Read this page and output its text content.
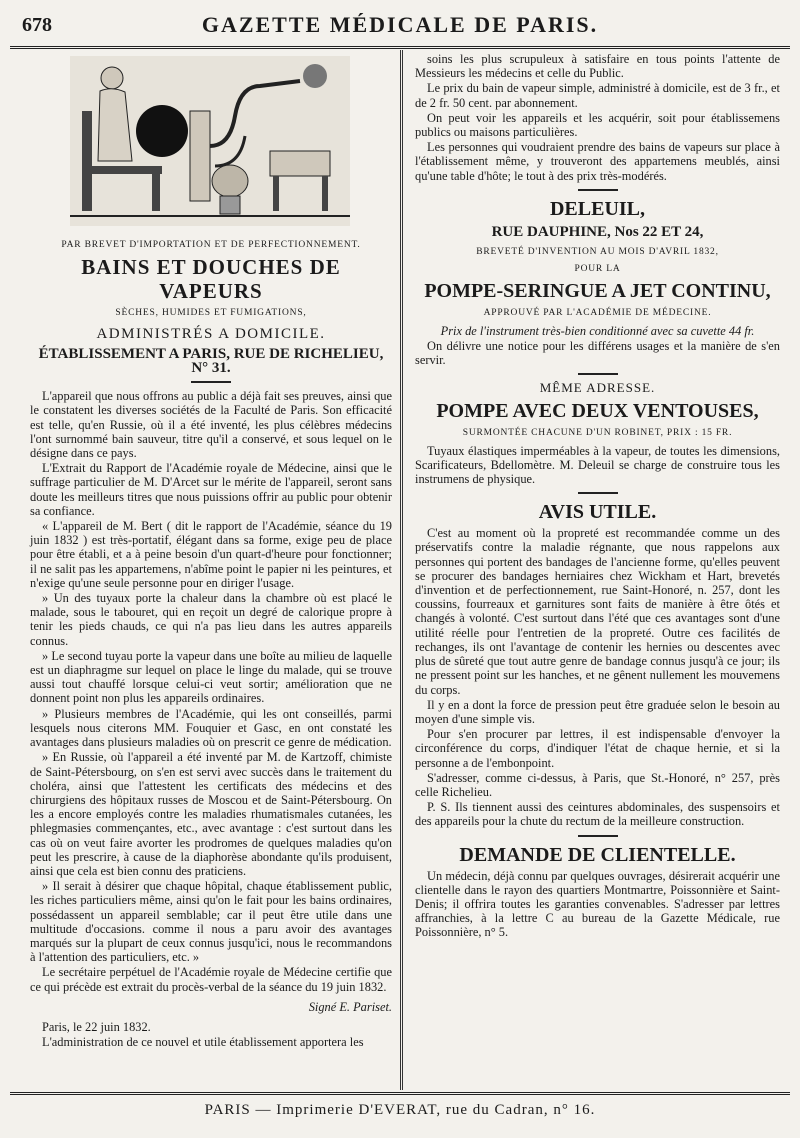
678	GAZETTE MÉDICALE DE PARIS.

PAR BREVET D'IMPORTATION ET DE PERFECTIONNEMENT.

BAINS ET DOUCHES DE VAPEURS

SÈCHES, HUMIDES ET FUMIGATIONS,

ADMINISTRÉS A DOMICILE.

ÉTABLISSEMENT A PARIS, RUE DE RICHELIEU, N° 31.

L'appareil que nous offrons au public a déjà fait ses preuves, ainsi que le constatent les diverses sociétés de la Faculté de Paris. Son efficacité est telle, qu'en Russie, où il a été inventé, les plus célèbres médecins l'ont surnommé bain sauveur, titre qu'il a conservé, et sous lequel on le désigne dans ce pays.

L'Extrait du Rapport de l'Académie royale de Médecine, ainsi que le suffrage particulier de M. D'Arcet sur le mérite de l'appareil, seront sans doute les meilleurs titres que nous puissions offrir au public pour obtenir sa confiance.

« L'appareil de M. Bert ( dit le rapport de l'Académie, séance du 19 juin 1832 ) est très-portatif, élégant dans sa forme, exige peu de place pour être établi, et a à peine besoin d'un quart-d'heure pour fonctionner; il ne salit pas les appartemens, n'abîme point le papier ni les peintures, et n'exige qu'une seule personne pour en diriger l'usage.

» Un des tuyaux porte la chaleur dans la chambre où est placé le malade, sous le tabouret, qui en reçoit un degré de calorique propre à tenir les pieds chauds, ce qui n'a pas lieu dans les autres appareils connus.

» Le second tuyau porte la vapeur dans une boîte au milieu de laquelle est un diaphragme sur lequel on place le linge du malade, qui se trouve aussi tout chauffé lorsque celui-ci veut sortir; amélioration que ne donnent point non plus les appareils ordinaires.

» Plusieurs membres de l'Académie, qui les ont conseillés, parmi lesquels nous citerons MM. Fouquier et Gasc, en ont constaté les avantages dans plusieurs maladies où on prescrit ce genre de médication.

» En Russie, où l'appareil a été inventé par M. de Kartzoff, chimiste de Saint-Pétersbourg, on s'en est servi avec succès dans le traitement du choléra, ainsi que l'attestent les certificats des médecins et des chirurgiens des hôpitaux russes de Moscou et de Saint-Pétersbourg. On les a encore employés contre les maladies rhumatismales cutanées, les phlegmasies commençantes, etc., avec avantage : c'est surtout dans les cas où on veut faire avorter les prodromes de quelques maladies qu'on peut les prescrire, à cause de la diaphorèse abondante qu'ils produisent, ainsi que cela est bien connu des praticiens.

» Il serait à désirer que chaque hôpital, chaque établissement public, les riches particuliers même, ainsi qu'on le fait pour les bains ordinaires, possédassent un appareil semblable; car il peut être utile dans une multitude d'occasions. comme il nous a paru avoir des avantages marqués sur la plupart de ceux connus jusqu'ici, nous le recommandons à l'attention des particuliers, etc. »

Le secrétaire perpétuel de l'Académie royale de Médecine certifie que ce qui précède est extrait du procès-verbal de la séance du 19 juin 1832.

Signé E. Pariset.

Paris, le 22 juin 1832.

L'administration de ce nouvel et utile établissement apportera les

soins les plus scrupuleux à satisfaire en tous points l'attente de Messieurs les médecins et celle du Public.

Le prix du bain de vapeur simple, administré à domicile, est de 3 fr., et de 2 fr. 50 cent. par abonnement.

On peut voir les appareils et les acquérir, soit pour établissemens publics ou maisons particulières.

Les personnes qui voudraient prendre des bains de vapeurs sur place à l'établissement même, y trouveront des appartemens meublés, ainsi qu'une table d'hôte; le tout à des prix très-modérés.

DELEUIL,

RUE DAUPHINE, Nos 22 ET 24,

BREVETÉ D'INVENTION AU MOIS D'AVRIL 1832,

POUR LA

POMPE-SERINGUE A JET CONTINU,

APPROUVÉ PAR L'ACADÉMIE DE MÉDECINE.

Prix de l'instrument très-bien conditionné avec sa cuvette 44 fr.

On délivre une notice pour les différens usages et la manière de s'en servir.

MÊME ADRESSE.

POMPE AVEC DEUX VENTOUSES,

SURMONTÉE CHACUNE D'UN ROBINET, PRIX : 15 FR.

Tuyaux élastiques imperméables à la vapeur, de toutes les dimensions, Scarificateurs, Bdellomètre. M. Deleuil se charge de construire tous les instrumens de physique.

AVIS UTILE.

C'est au moment où la propreté est recommandée comme un des préservatifs contre la maladie régnante, que nous rappelons aux personnes qui portent des bandages de l'ancienne forme, qu'elles peuvent se procurer des bandages herniaires chez Wickham et Hart, brevetés d'invention et de perfectionnement, rue Saint-Honoré, n. 257, dont les coussins, fourreaux et garnitures sont faits de manière à être ôtés et changés à volonté. C'est surtout dans l'été que ces avantages sont d'une utilité réelle pour l'entretien de la propreté. Outre ces facilités de rechanges, ils ont l'avantage de contenir les hernies ou descentes avec plus de sûreté que tout autre genre de bandage connus jusqu'à ce jour; ils ne pressent point sur les hanches, et ne gênent nullement les mouvemens du corps.

Il y en a dont la force de pression peut être graduée selon le besoin au moyen d'une simple vis.

Pour s'en procurer par lettres, il est indispensable d'envoyer la circonférence du corps, d'indiquer l'état de chaque hernie, et si la personne a de l'embonpoint.

S'adresser, comme ci-dessus, à Paris, que St.-Honoré, n° 257, près celle Richelieu.

P. S. Ils tiennent aussi des ceintures abdominales, des suspensoirs et des appareils pour la chute du rectum de la meilleure construction.

DEMANDE DE CLIENTELLE.

Un médecin, déjà connu par quelques ouvrages, désirerait acquérir une clientelle dans le rayon des quartiers Montmartre, Poissonnière et Saint-Denis; il offrira toutes les garanties convenables. S'adresser par lettres affranchies, à la lettre C au bureau de la Gazette Médicale, rue Poissonnière, n° 5.

PARIS — Imprimerie D'EVERAT, rue du Cadran, n° 16.
